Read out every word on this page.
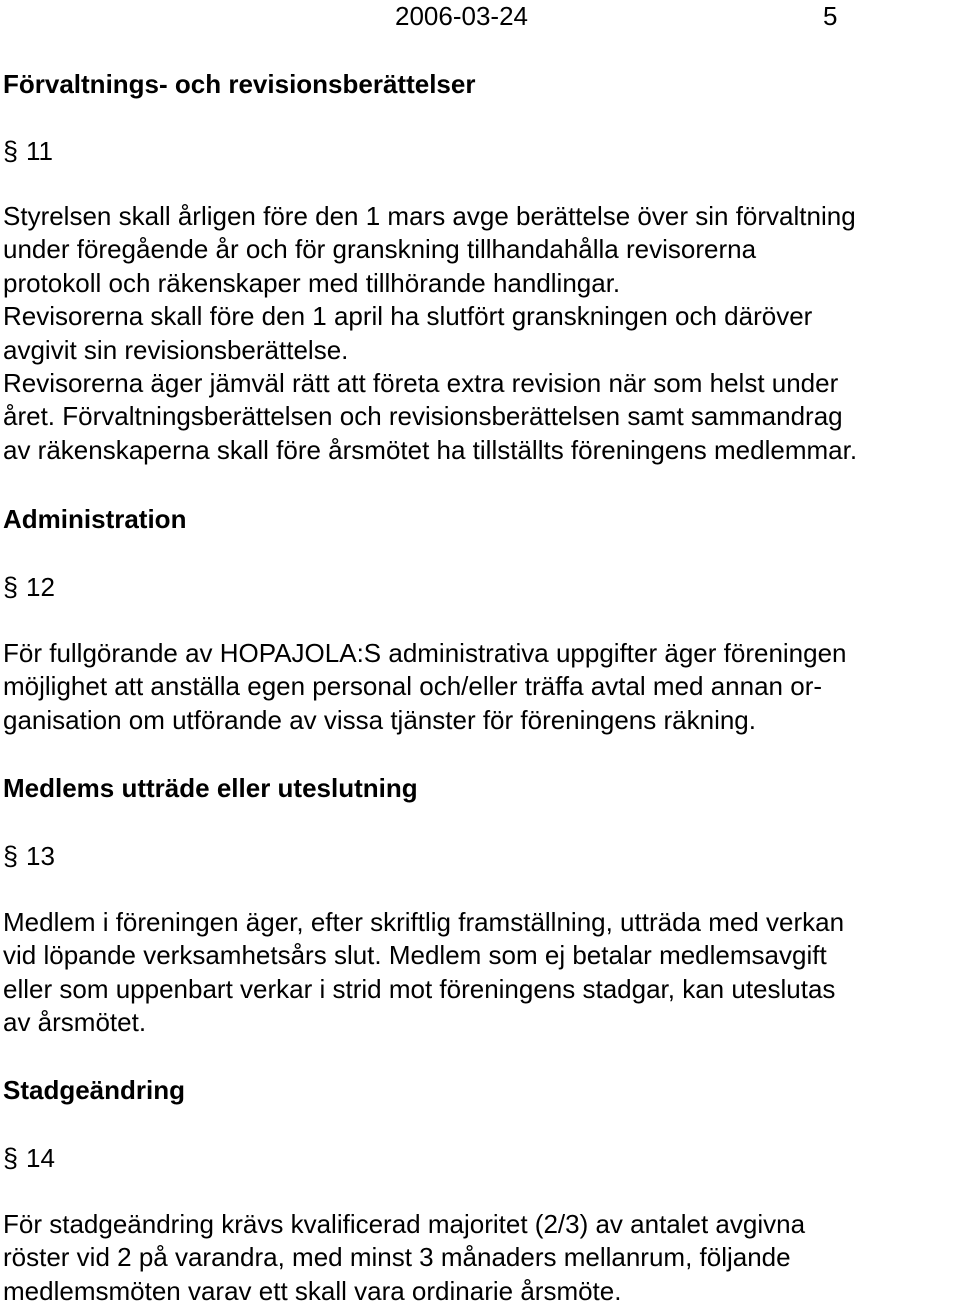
2006-03-24	5
Förvaltnings- och revisionsberättelser
§ 11
Styrelsen skall årligen före den 1 mars avge berättelse över sin förvaltning
under föregående år och för granskning tillhandahålla revisorerna
protokoll och räkenskaper med tillhörande handlingar.
Revisorerna skall före den 1 april ha slutfört granskningen och däröver
avgivit sin revisionsberättelse.
Revisorerna äger jämväl rätt att företa extra revision när som helst under
året. Förvaltningsberättelsen och revisionsberättelsen samt sammandrag
av räkenskaperna skall före årsmötet ha tillställts föreningens medlemmar.
Administration
§ 12
För fullgörande av HOPAJOLA:S administrativa uppgifter äger föreningen
möjlighet att anställa egen personal och/eller träffa avtal med annan or-
ganisation om utförande av vissa tjänster för föreningens räkning.
Medlems utträde eller uteslutning
§ 13
Medlem i föreningen äger, efter skriftlig framställning, utträda med verkan
vid löpande verksamhetsårs slut. Medlem som ej betalar medlemsavgift
eller som uppenbart verkar i strid mot föreningens stadgar, kan uteslutas
av årsmötet.
Stadgeändring
§ 14
För stadgeändring krävs kvalificerad majoritet (2/3) av antalet avgivna
röster vid 2 på varandra, med minst 3 månaders mellanrum, följande
medlemsmöten varav ett skall vara ordinarie årsmöte.
